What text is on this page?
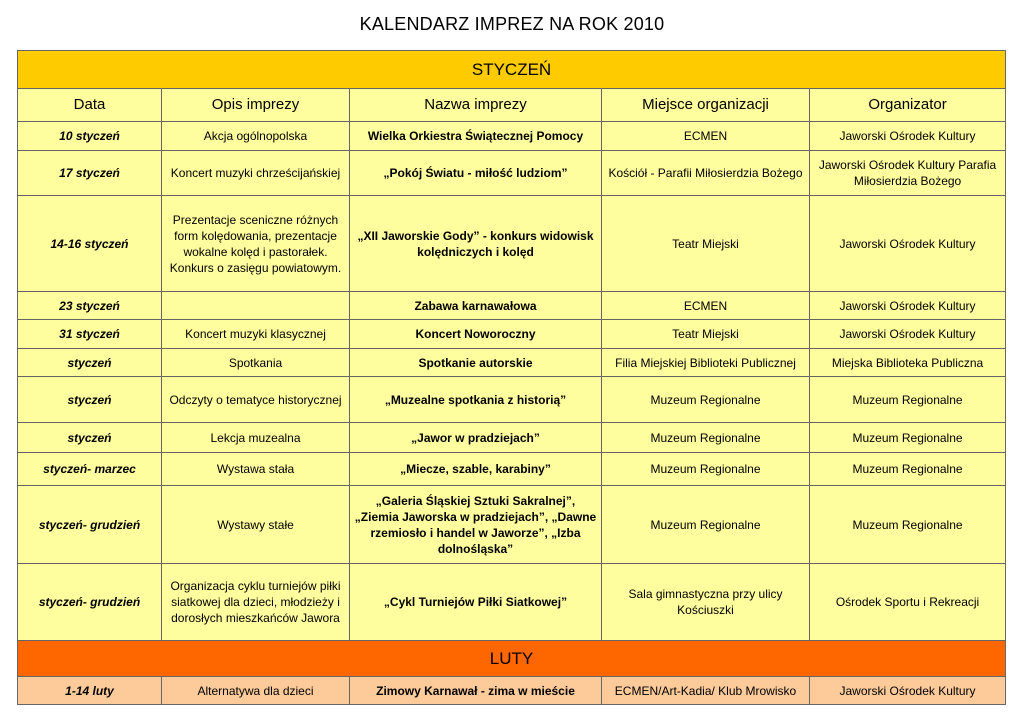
KALENDARZ IMPREZ NA ROK 2010
STYCZEŃ				
Data	Opis imprezy	Nazwa imprezy	Miejsce organizacji	Organizator
10 styczeń	Akcja ogólnopolska	Wielka Orkiestra Świątecznej Pomocy	ECMEN	Jaworski Ośrodek Kultury
17 styczeń	Koncert muzyki chrześcijańskiej	„Pokój Światu - miłość ludziom”	Kościół - Parafii Miłosierdzia Bożego	Jaworski Ośrodek Kultury Parafia Miłosierdzia Bożego
14-16 styczeń	Prezentacje sceniczne różnych form kolędowania, prezentacje wokalne kolęd i pastorałek. Konkurs o zasięgu powiatowym.	„XII Jaworskie Gody” - konkurs widowisk kolędniczych i kolęd	Teatr Miejski	Jaworski Ośrodek Kultury
23 styczeń		Zabawa karnawałowa	ECMEN	Jaworski Ośrodek Kultury
31 styczeń	Koncert muzyki klasycznej	Koncert Noworoczny	Teatr Miejski	Jaworski Ośrodek Kultury
styczeń	Spotkania	Spotkanie autorskie	Filia Miejskiej Biblioteki Publicznej	Miejska Biblioteka Publiczna
styczeń	Odczyty o tematyce historycznej	„Muzealne spotkania z historią”	Muzeum Regionalne	Muzeum Regionalne
styczeń	Lekcja muzealna	„Jawor w pradziejach”	Muzeum Regionalne	Muzeum Regionalne
styczeń- marzec	Wystawa stała	„Miecze, szable, karabiny”	Muzeum Regionalne	Muzeum Regionalne
styczeń- grudzień	Wystawy stałe	„Galeria Śląskiej Sztuki Sakralnej”, „Ziemia Jaworska w pradziejach”, „Dawne rzemiosło i handel w Jaworze”, „Izba dolnośląska”	Muzeum Regionalne	Muzeum Regionalne
styczeń- grudzień	Organizacja cyklu turniejów piłki siatkowej dla dzieci, młodzieży i dorosłych mieszkańców Jawora	„Cykl Turniejów Piłki Siatkowej”	Sala gimnastyczna przy ulicy Kościuszki	Ośrodek Sportu i Rekreacji
LUTY				
1-14 luty	Alternatywa dla dzieci	Zimowy Karnawał - zima w mieście	ECMEN/Art-Kadia/ Klub Mrowisko	Jaworski Ośrodek Kultury
